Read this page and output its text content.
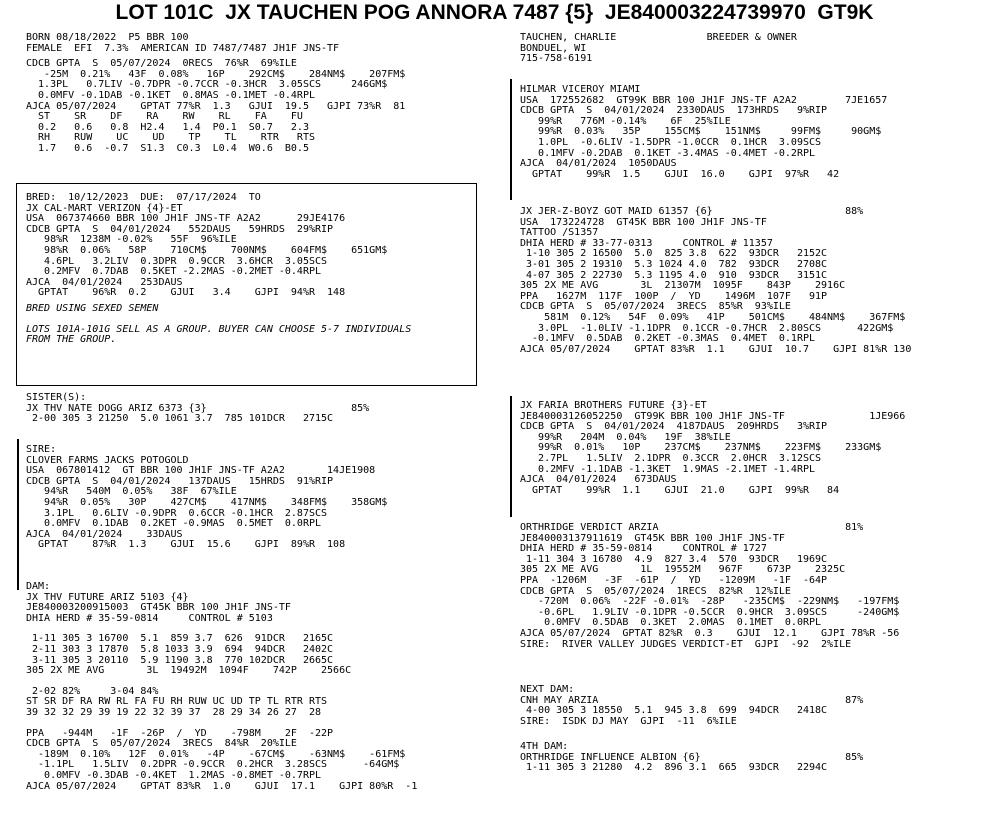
LOT 101C  JX TAUCHEN POG ANNORA 7487 {5}  JE840003224739970  GT9K
BORN 08/18/2022  P5 BBR 100
FEMALE  EFI  7.3%  AMERICAN ID 7487/7487 JH1F JNS-TF
CDCB GPTA  S  05/07/2024  0RECS  76%R  69%ILE
-25M  0.21%   43F  0.08%   16P    292CM$    284NM$    207FM$
1.3PL   0.7LIV -0.7DPR -0.7CCR -0.3HCR  3.05SCS     246GM$
0.0MFV -0.1DAB -0.1KET  0.8MAS -0.1MET -0.4RPL
AJCA 05/07/2024    GPTAT 77%R  1.3   GJUI  19.5   GJPI 73%R  81
ST    SR    DF    RA    RW    RL    FA    FU
0.2   0.6   0.8  H2.4   1.4  P0.1  S0.7   2.3
RH    RUW    UC    UD    TP    TL    RTR   RTS
1.7   0.6  -0.7  S1.3  C0.3  L0.4  W0.6  B0.5
BRED:  10/12/2023  DUE:  07/17/2024  TO
JX CAL-MART VERIZON {4}-ET
USA  067374660 BBR 100 JH1F JNS-TF A2A2      29JE4176
CDCB GPTA  S  04/01/2024   552DAUS   59HRDS  29%RIP
98%R  1238M -0.02%   55F  96%ILE
98%R  0.06%   58P    710CM$    700NM$    604FM$    651GM$
4.6PL   3.2LIV  0.3DPR  0.9CCR  3.6HCR  3.05SCS
0.2MFV  0.7DAB  0.5KET -2.2MAS -0.2MET -0.4RPL
AJCA  04/01/2024   253DAUS
GPTAT    96%R  0.2    GJUI   3.4    GJPI  94%R  148
BRED USING SEXED SEMEN
LOTS 101A-101G SELL AS A GROUP. BUYER CAN CHOOSE 5-7 INDIVIDUALS
FROM THE GROUP.
SISTER(S):
JX THV NATE DOGG ARIZ 6373 {3}                        85%
2-00 305 3 21250  5.0 1061 3.7  785 101DCR   2715C
SIRE:
CLOVER FARMS JACKS POTOGOLD
USA  067801412  GT BBR 100 JH1F JNS-TF A2A2       14JE1908
CDCB GPTA  S  04/01/2024   137DAUS   15HRDS  91%RIP
94%R   540M  0.05%   38F  67%ILE
94%R  0.05%   30P    427CM$    417NM$    348FM$    358GM$
3.1PL   0.6LIV -0.9DPR  0.6CCR -0.1HCR  2.87SCS
0.0MFV  0.1DAB  0.2KET -0.9MAS  0.5MET  0.0RPL
AJCA  04/01/2024    33DAUS
GPTAT    87%R  1.3    GJUI  15.6    GJPI  89%R  108
DAM:
JX THV FUTURE ARIZ 5103 {4}
JE840003200915003  GT45K BBR 100 JH1F JNS-TF
DHIA HERD # 35-59-0814     CONTROL # 5103
1-11 305 3 16700  5.1  859 3.7  626  91DCR   2165C
2-11 303 3 17870  5.8 1033 3.9  694  94DCR   2402C
3-11 305 3 20110  5.9 1190 3.8  770 102DCR   2665C
305 2X ME AVG       3L  19492M  1094F    742P    2566C
2-02 82%     3-04 84%
ST SR DF RA RW RL FA FU RH RUW UC UD TP TL RTR RTS
39 32 32 29 39 19 22 32 39 37  28 29 34 26 27  28
PPA   -944M   -1F  -26P  /  YD    -798M    2F  -22P
CDCB GPTA  S  05/07/2024  3RECS  84%R  20%ILE
-189M  0.10%   12F  0.01%   -4P    -67CM$    -63NM$    -61FM$
-1.1PL   1.5LIV  0.2DPR -0.9CCR  0.2HCR  3.28SCS      -64GM$
0.0MFV -0.3DAB -0.4KET  1.2MAS -0.8MET -0.7RPL
AJCA 05/07/2024    GPTAT 83%R  1.0    GJUI  17.1    GJPI 80%R  -1
TAUCHEN, CHARLIE               BREEDER & OWNER
BONDUEL, WI
715-758-6191
HILMAR VICEROY MIAMI
USA  172552682  GT99K BBR 100 JH1F JNS-TF A2A2        7JE1657
CDCB GPTA  S  04/01/2024  2330DAUS  173HRDS   9%RIP
99%R   776M -0.14%    6F  25%ILE
99%R  0.03%   35P    155CM$    151NM$     99FM$     90GM$
1.0PL  -0.6LIV -1.5DPR -1.0CCR  0.1HCR  3.09SCS
0.1MFV -0.2DAB  0.1KET -3.4MAS -0.4MET -0.2RPL
AJCA  04/01/2024  1050DAUS
GPTAT    99%R  1.5    GJUI  16.0    GJPI  97%R   42
JX JER-Z-BOYZ GOT MAID 61357 {6}                      88%
USA  173224728  GT45K BBR 100 JH1F JNS-TF
TATTOO /S1357
DHIA HERD # 33-77-0313     CONTROL # 11357
1-10 305 2 16500  5.0  825 3.8  622  93DCR   2152C
3-01 305 2 19310  5.3 1024 4.0  782  93DCR   2708C
4-07 305 2 22730  5.3 1195 4.0  910  93DCR   3151C
305 2X ME AVG       3L  21307M  1095F    843P    2916C
PPA   1627M  117F  100P  /  YD    1496M  107F   91P
CDCB GPTA  S  05/07/2024  3RECS  85%R  93%ILE
581M  0.12%   54F  0.09%   41P    501CM$    484NM$    367FM$
3.0PL  -1.0LIV -1.1DPR  0.1CCR -0.7HCR  2.80SCS      422GM$
-0.1MFV  0.5DAB  0.2KET -0.3MAS  0.4MET  0.1RPL
AJCA 05/07/2024    GPTAT 83%R  1.1    GJUI  10.7    GJPI 81%R 130
JX FARIA BROTHERS FUTURE {3}-ET
JE840003126052250  GT99K BBR 100 JH1F JNS-TF              1JE966
CDCB GPTA  S  04/01/2024  4187DAUS  209HRDS   3%RIP
99%R   204M  0.04%   19F  38%ILE
99%R  0.01%   10P    237CM$    237NM$    223FM$    233GM$
2.7PL   1.5LIV  2.1DPR  0.3CCR  2.0HCR  3.12SCS
0.2MFV -1.1DAB -1.3KET  1.9MAS -2.1MET -1.4RPL
AJCA  04/01/2024   673DAUS
GPTAT    99%R  1.1    GJUI  21.0    GJPI  99%R   84
ORTHRIDGE VERDICT ARZIA                               81%
JE840003137911619  GT45K BBR 100 JH1F JNS-TF
DHIA HERD # 35-59-0814     CONTROL # 1727
1-11 304 3 16780  4.9  827 3.4  570  93DCR   1969C
305 2X ME AVG       1L  19552M   967F    673P    2325C
PPA  -1206M   -3F  -61P  /  YD   -1209M   -1F  -64P
CDCB GPTA  S  05/07/2024  1RECS  82%R  12%ILE
-720M  0.06%  -22F -0.01%  -28P   -235CM$  -229NM$   -197FM$
-0.6PL   1.9LIV -0.1DPR -0.5CCR  0.9HCR  3.09SCS     -240GM$
0.0MFV  0.5DAB  0.3KET  2.0MAS  0.1MET  0.0RPL
AJCA 05/07/2024  GPTAT 82%R  0.3    GJUI  12.1    GJPI 78%R -56
SIRE:  RIVER VALLEY JUDGES VERDICT-ET  GJPI  -92  2%ILE
NEXT DAM:
CNH MAY ARZIA                                         87%
4-00 305 3 18550  5.1  945 3.8  699  94DCR   2418C
SIRE:  ISDK DJ MAY  GJPI  -11  6%ILE
4TH DAM:
ORTHRIDGE INFLUENCE ALBION {6}                        85%
1-11 305 3 21280  4.2  896 3.1  665  93DCR   2294C
